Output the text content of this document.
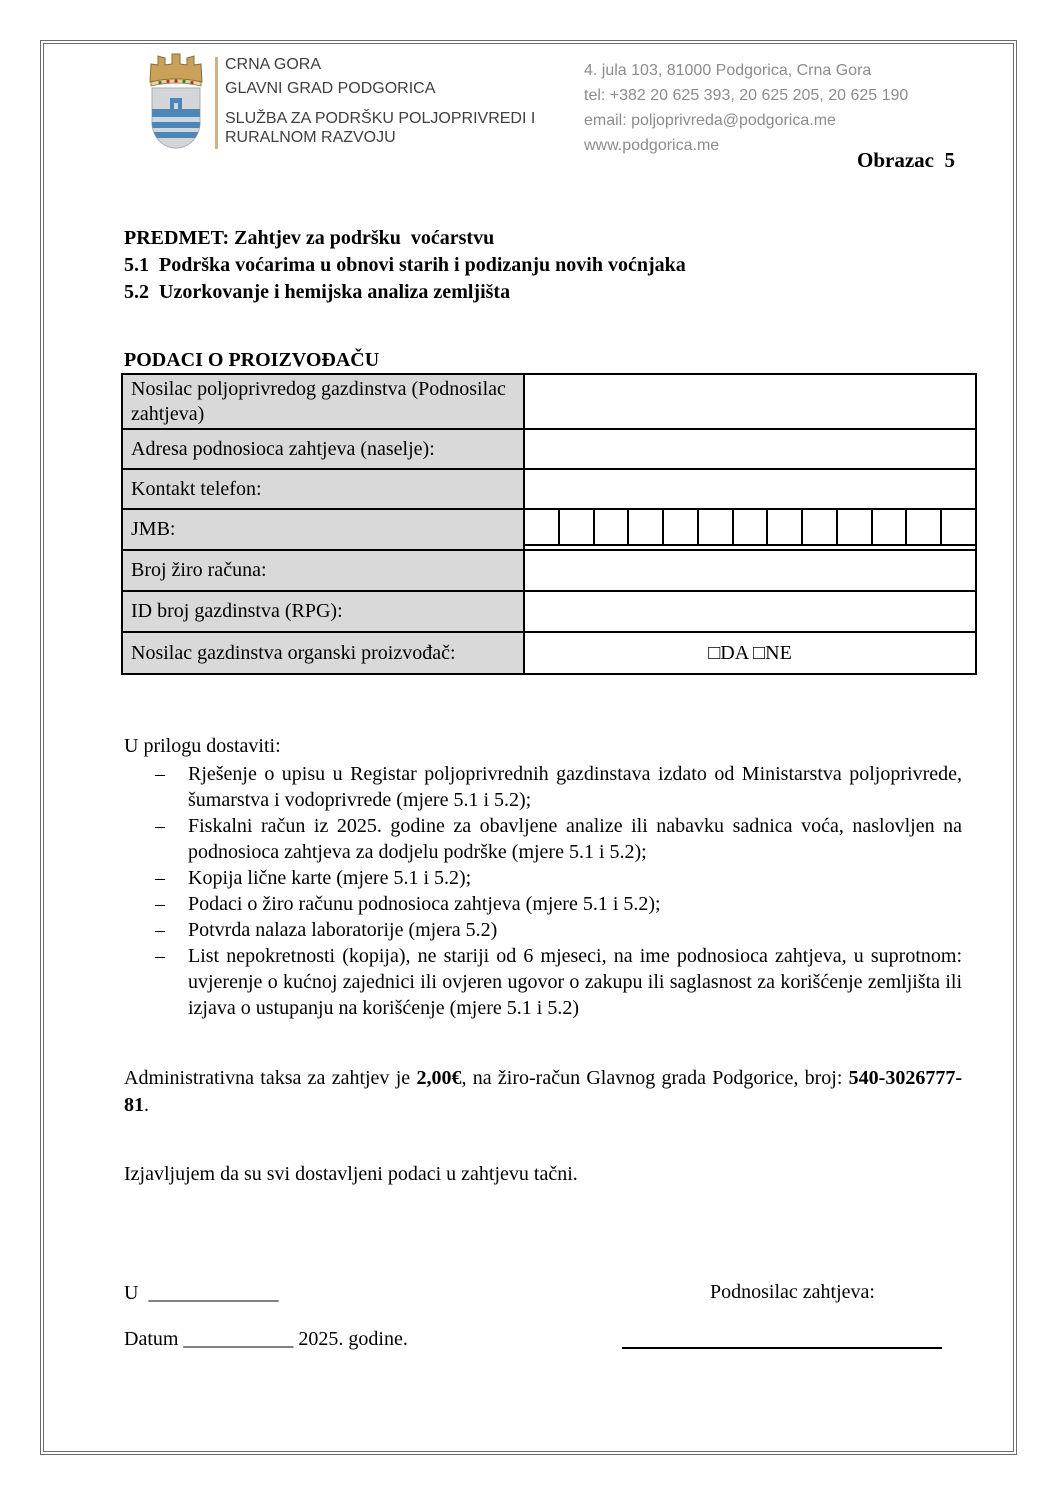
CRNA GORA
GLAVNI GRAD PODGORICA
SLUŽBA ZA PODRŠKU POLJOPRIVREDI I RURALNOM RAZVOJU
4. jula 103, 81000 Podgorica, Crna Gora
tel: +382 20 625 393, 20 625 205, 20 625 190
email: poljoprivreda@podgorica.me
www.podgorica.me
Obrazac  5
PREDMET: Zahtjev za podršku  voćarstvu
5.1  Podrška voćarima u obnovi starih i podizanju novih voćnjaka
5.2  Uzorkovanje i hemijska analiza zemljišta
PODACI O PROIZVOĐAČU
Nosilac poljoprivredog gazdinstva (Podnosilac zahtjeva)
Adresa podnosioca zahtjeva (naselje):
Kontakt telefon:
JMB:
Broj žiro računa:
ID broj gazdinstva (RPG):
Nosilac gazdinstva organski proizvođač:	□DA □NE
U prilogu dostaviti:
–	Rješenje o upisu u Registar poljoprivrednih gazdinstava izdato od Ministarstva poljoprivrede, šumarstva i vodoprivrede (mjere 5.1 i 5.2);
–	Fiskalni račun iz 2025. godine za obavljene analize ili nabavku sadnica voća, naslovljen na podnosioca zahtjeva za dodjelu podrške (mjere 5.1 i 5.2);
–	Kopija lične karte (mjere 5.1 i 5.2);
–	Podaci o žiro računu podnosioca zahtjeva (mjere 5.1 i 5.2);
–	Potvrda nalaza laboratorije (mjera 5.2)
–	List nepokretnosti (kopija), ne stariji od 6 mjeseci, na ime podnosioca zahtjeva, u suprotnom: uvjerenje o kućnoj zajednici ili ovjeren ugovor o zakupu ili saglasnost za korišćenje zemljišta ili izjava o ustupanju na korišćenje (mjere 5.1 i 5.2)
Administrativna taksa za zahtjev je 2,00€, na žiro-račun Glavnog grada Podgorice, broj: 540-3026777-81.
Izjavljujem da su svi dostavljeni podaci u zahtjevu tačni.
U  _____________	Podnosilac zahtjeva:
Datum ___________ 2025. godine.
